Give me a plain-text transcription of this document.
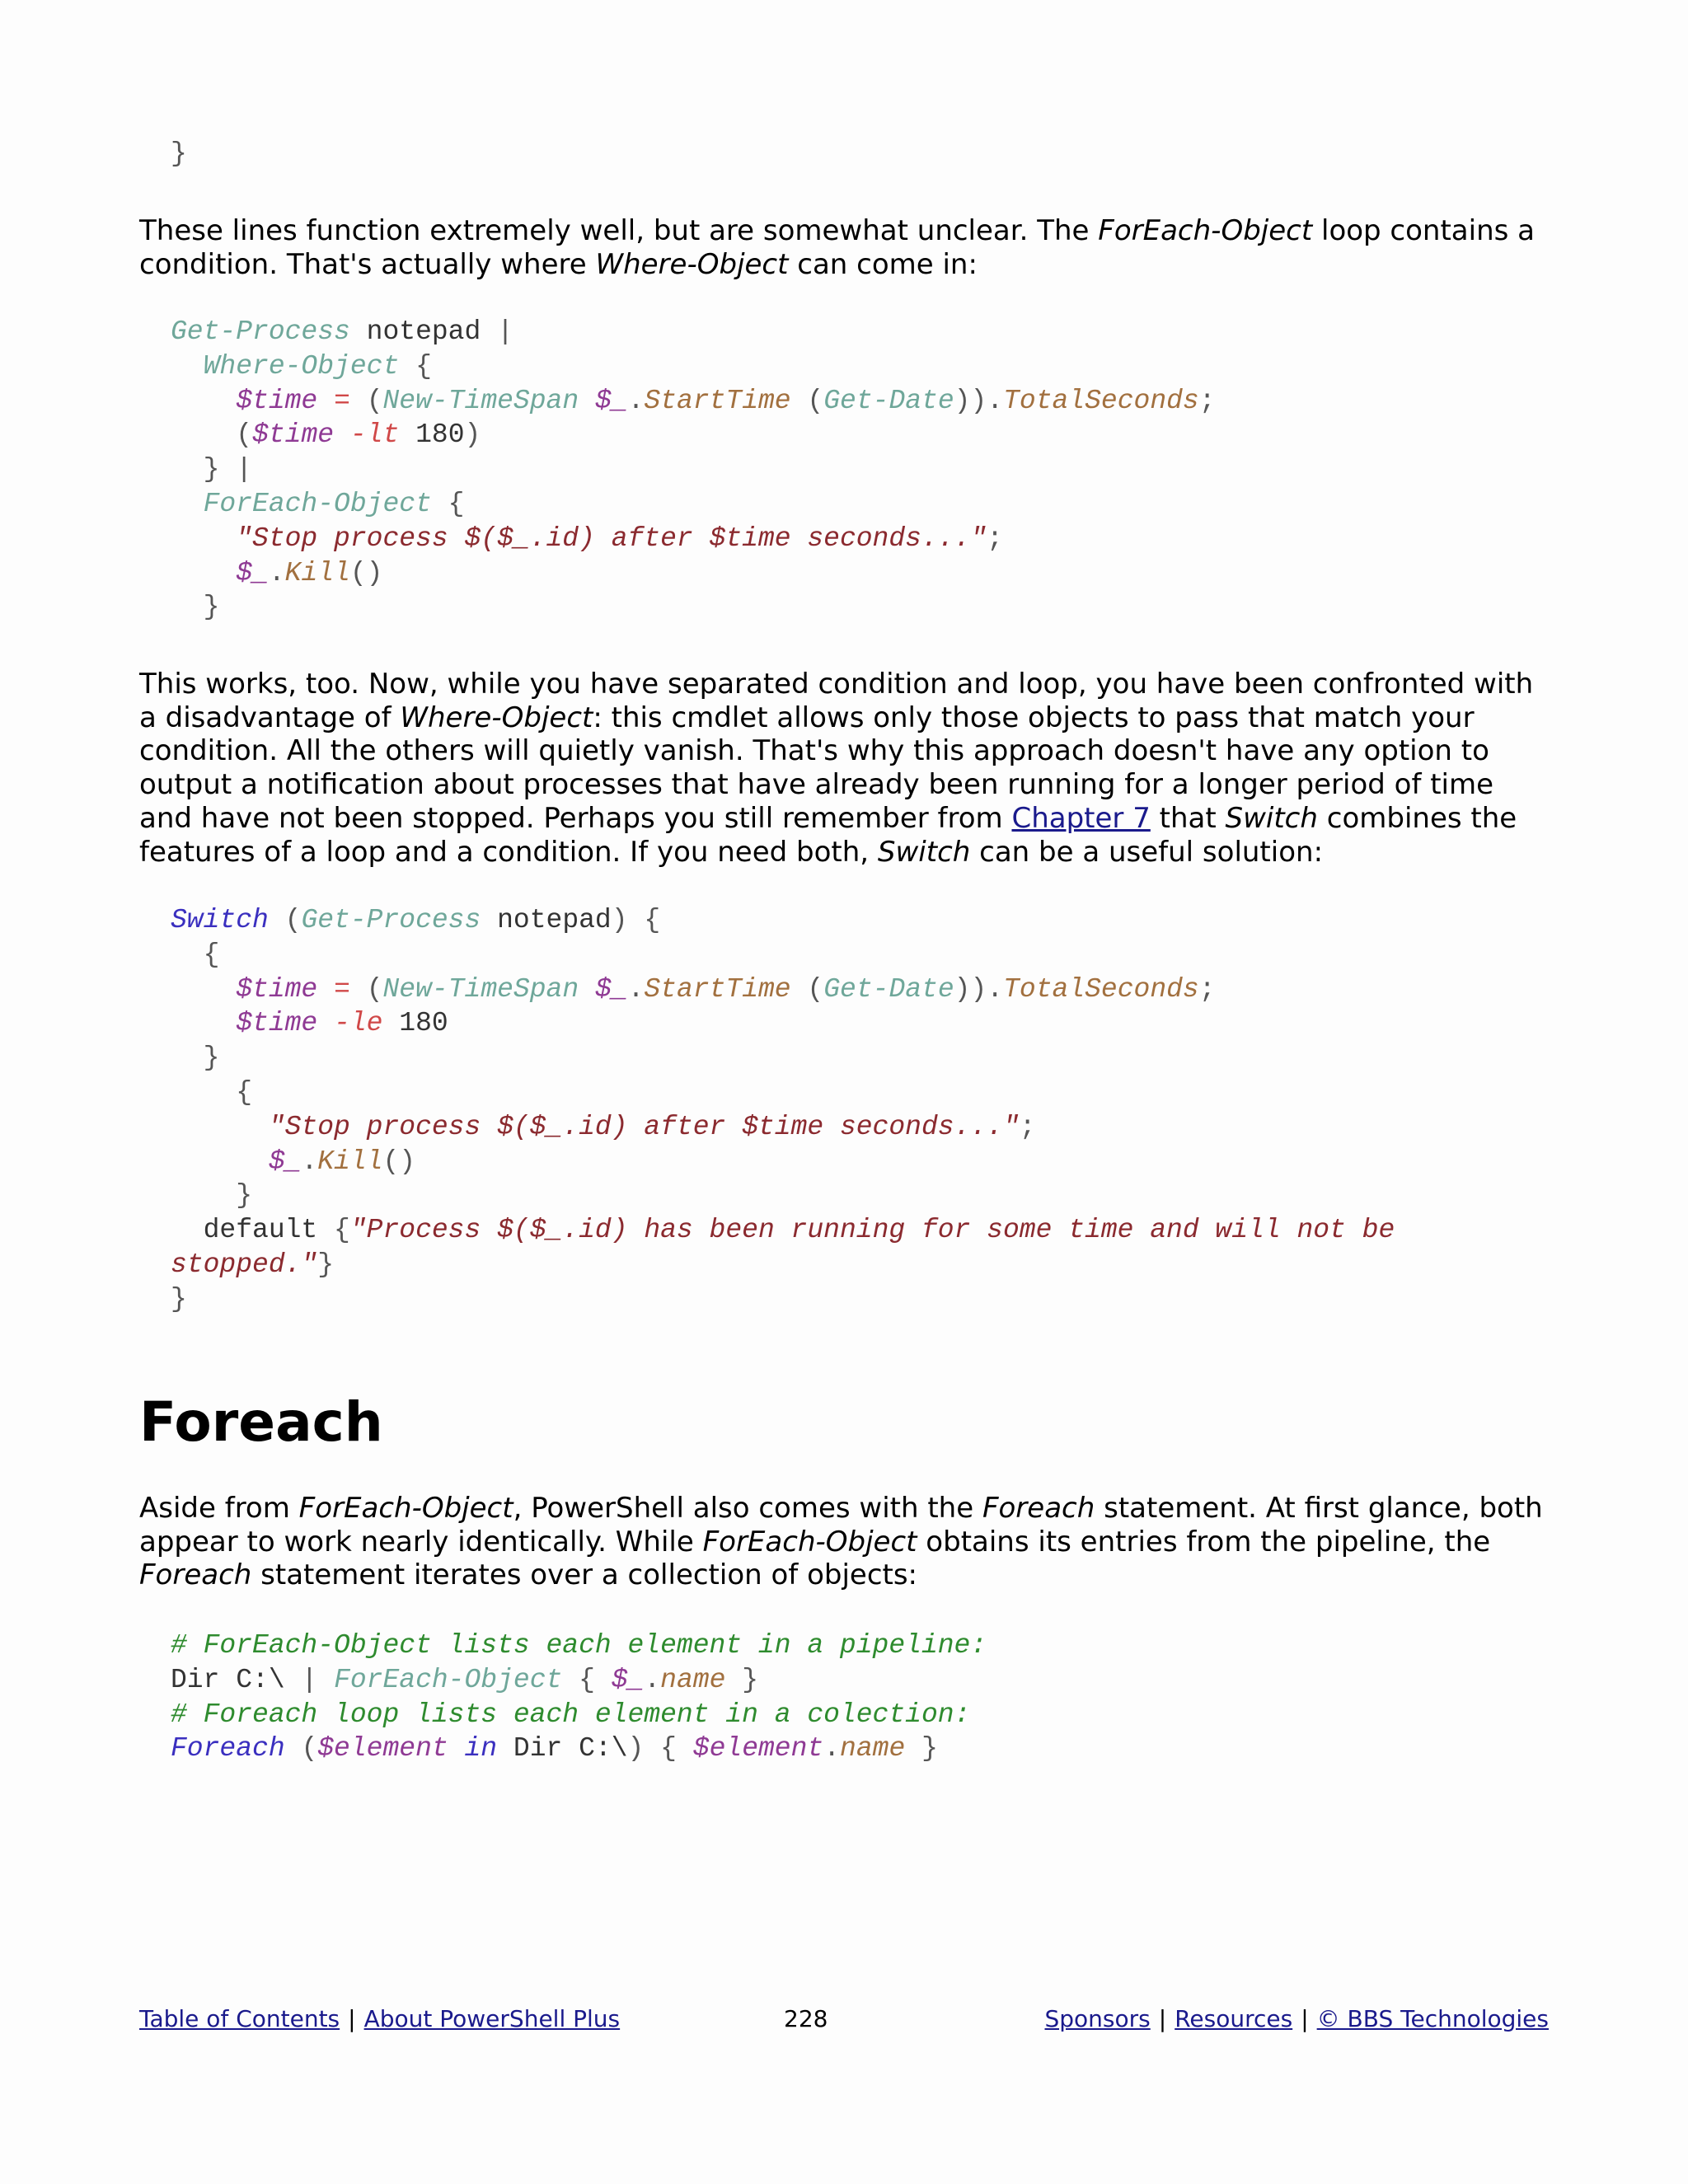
}

These lines function extremely well, but are somewhat unclear. The ForEach-Object loop contains a condition. That's actually where Where-Object can come in:

Get-Process notepad |
Where-Object {
$time = (New-TimeSpan $_.StartTime (Get-Date)).TotalSeconds;
($time -lt 180)
} |
ForEach-Object {
"Stop process $($_.id) after $time seconds...";
$_.Kill()
}

This works, too. Now, while you have separated condition and loop, you have been confronted with a disadvantage of Where-Object: this cmdlet allows only those objects to pass that match your condition. All the others will quietly vanish. That's why this approach doesn't have any option to output a notification about processes that have already been running for a longer period of time and have not been stopped. Perhaps you still remember from Chapter 7 that Switch combines the features of a loop and a condition. If you need both, Switch can be a useful solution:

Switch (Get-Process notepad) {
{
$time = (New-TimeSpan $_.StartTime (Get-Date)).TotalSeconds;
$time -le 180
}
{
"Stop process $($_.id) after $time seconds...";
$_.Kill()
}
default {"Process $($_.id) has been running for some time and will not be
stopped."}
}
Foreach

Aside from ForEach-Object, PowerShell also comes with the Foreach statement. At first glance, both appear to work nearly identically. While ForEach-Object obtains its entries from the pipeline, the Foreach statement iterates over a collection of objects:

# ForEach-Object lists each element in a pipeline:
Dir C:\ | ForEach-Object { $_.name }
# Foreach loop lists each element in a colection:
Foreach ($element in Dir C:\) { $element.name }
Table of Contents | About PowerShell Plus	228	Sponsors | Resources | © BBS Technologies
